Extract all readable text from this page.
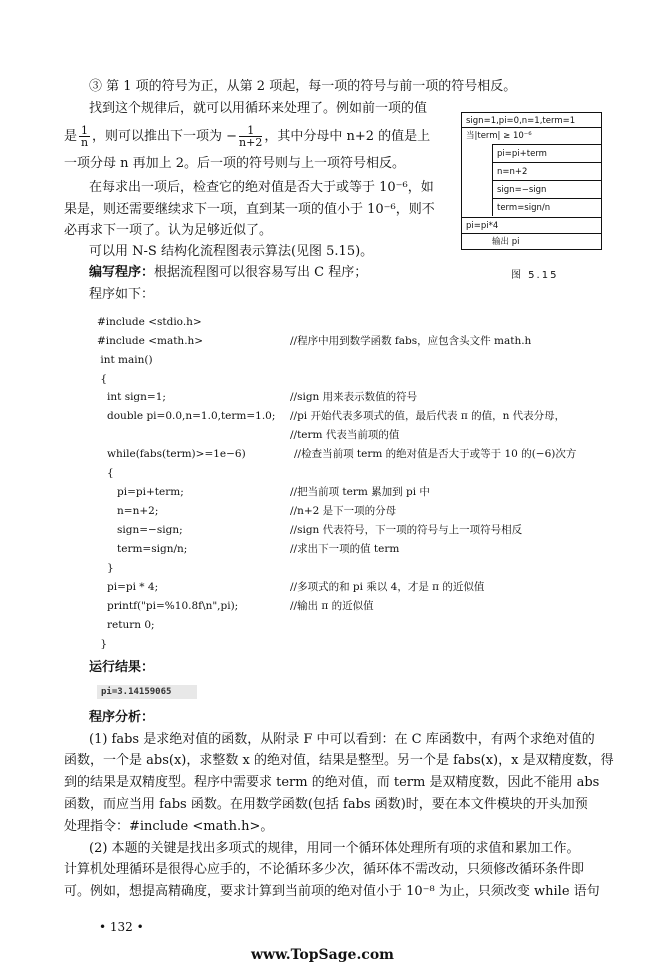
③ 第 1 项的符号为正，从第 2 项起，每一项的符号与前一项的符号相反。
找到这个规律后，就可以用循环来处理了。例如前一项的值
是 $\frac{1}{n}$ ，则可以推出下一项为 − $\frac{1}{n+2}$ ，其中分母中 n+2 的值是上
一项分母 n 再加上 2。后一项的符号则与上一项符号相反。
在每求出一项后，检查它的绝对值是否大于或等于 10⁻⁶，如
果是，则还需要继续求下一项，直到某一项的值小于 10⁻⁶，则不
必再求下一项了。认为足够近似了。
可以用 N-S 结构化流程图表示算法(见图 5.15)。
编写程序：根据流程图可以很容易写出 C 程序；
程序如下：
sign=1,pi=0,n=1,term=1
当|term| ≥ 10⁻⁶
pi=pi+term
n=n+2
sign=−sign
term=sign/n
pi=pi*4
输出 pi
图 5.15
#include <stdio.h>
#include <math.h>	//程序中用到数学函数 fabs，应包含头文件 math.h
int main()
{
int sign=1;	//sign 用来表示数值的符号
double pi=0.0,n=1.0,term=1.0; //pi 开始代表多项式的值，最后代表 π 的值，n 代表分母，
//term 代表当前项的值
while(fabs(term)>=1e−6)	//检查当前项 term 的绝对值是否大于或等于 10 的(−6)次方
{
pi=pi+term;	//把当前项 term 累加到 pi 中
n=n+2;	//n+2 是下一项的分母
sign=−sign;	//sign 代表符号，下一项的符号与上一项符号相反
term=sign/n;	//求出下一项的值 term
}
pi=pi * 4;	//多项式的和 pi 乘以 4，才是 π 的近似值
printf("pi=%10.8f\n",pi);	//输出 π 的近似值
return 0;
}
运行结果：
pi=3.14159065
程序分析：
(1) fabs 是求绝对值的函数，从附录 F 中可以看到：在 C 库函数中，有两个求绝对值的
函数，一个是 abs(x)，求整数 x 的绝对值，结果是整型。另一个是 fabs(x)，x 是双精度数，得
到的结果是双精度型。程序中需要求 term 的绝对值，而 term 是双精度数，因此不能用 abs
函数，而应当用 fabs 函数。在用数学函数(包括 fabs 函数)时，要在本文件模块的开头加预
处理指令：#include <math.h>。
(2) 本题的关键是找出多项式的规律，用同一个循环体处理所有项的求值和累加工作。
计算机处理循环是很得心应手的，不论循环多少次，循环体不需改动，只须修改循环条件即
可。例如，想提高精确度，要求计算到当前项的绝对值小于 10⁻⁸ 为止，只须改变 while 语句
• 132 •
www.TopSage.com
